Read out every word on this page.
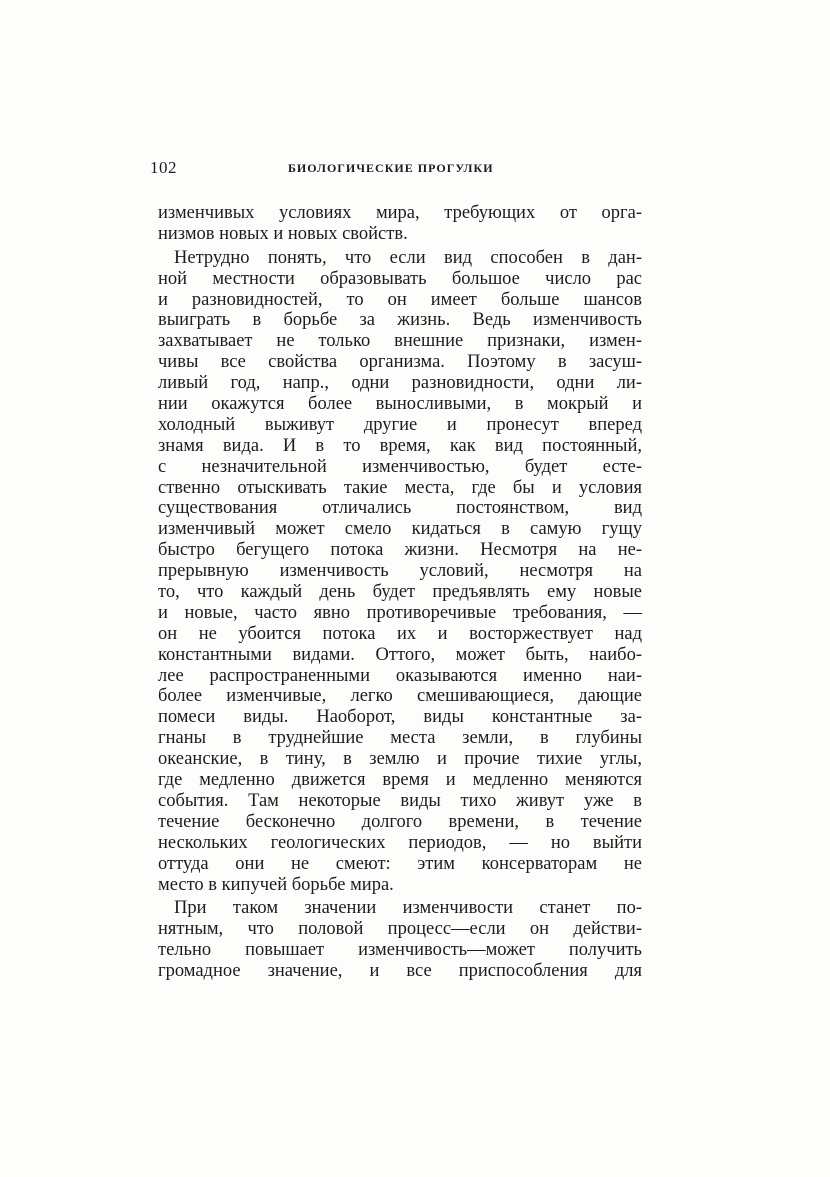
102	БИОЛОГИЧЕСКИЕ ПРОГУЛКИ
изменчивых условиях мира, требующих от орга-
низмов новых и новых свойств.
Нетрудно понять, что если вид способен в дан-
ной местности образовывать большое число рас
и разновидностей, то он имеет больше шансов
выиграть в борьбе за жизнь. Ведь изменчивость
захватывает не только внешние признаки, измен-
чивы все свойства организма. Поэтому в засуш-
ливый год, напр., одни разновидности, одни ли-
нии окажутся более выносливыми, в мокрый и
холодный выживут другие и пронесут вперед
знамя вида. И в то время, как вид постоянный,
с незначительной изменчивостью, будет есте-
ственно отыскивать такие места, где бы и условия
существования отличались постоянством, вид
изменчивый может смело кидаться в самую гущу
быстро бегущего потока жизни. Несмотря на не-
прерывную изменчивость условий, несмотря на
то, что каждый день будет предъявлять ему новые
и новые, часто явно противоречивые требования, —
он не убоится потока их и восторжествует над
константными видами. Оттого, может быть, наибо-
лее распространенными оказываются именно наи-
более изменчивые, легко смешивающиеся, дающие
помеси виды. Наоборот, виды константные за-
гнаны в труднейшие места земли, в глубины
океанские, в тину, в землю и прочие тихие углы,
где медленно движется время и медленно меняются
события. Там некоторые виды тихо живут уже в
течение бесконечно долгого времени, в течение
нескольких геологических периодов, — но выйти
оттуда они не смеют: этим консерваторам не
место в кипучей борьбе мира.
При таком значении изменчивости станет по-
нятным, что половой процесс—если он действи-
тельно повышает изменчивость—может получить
громадное значение, и все приспособления для
